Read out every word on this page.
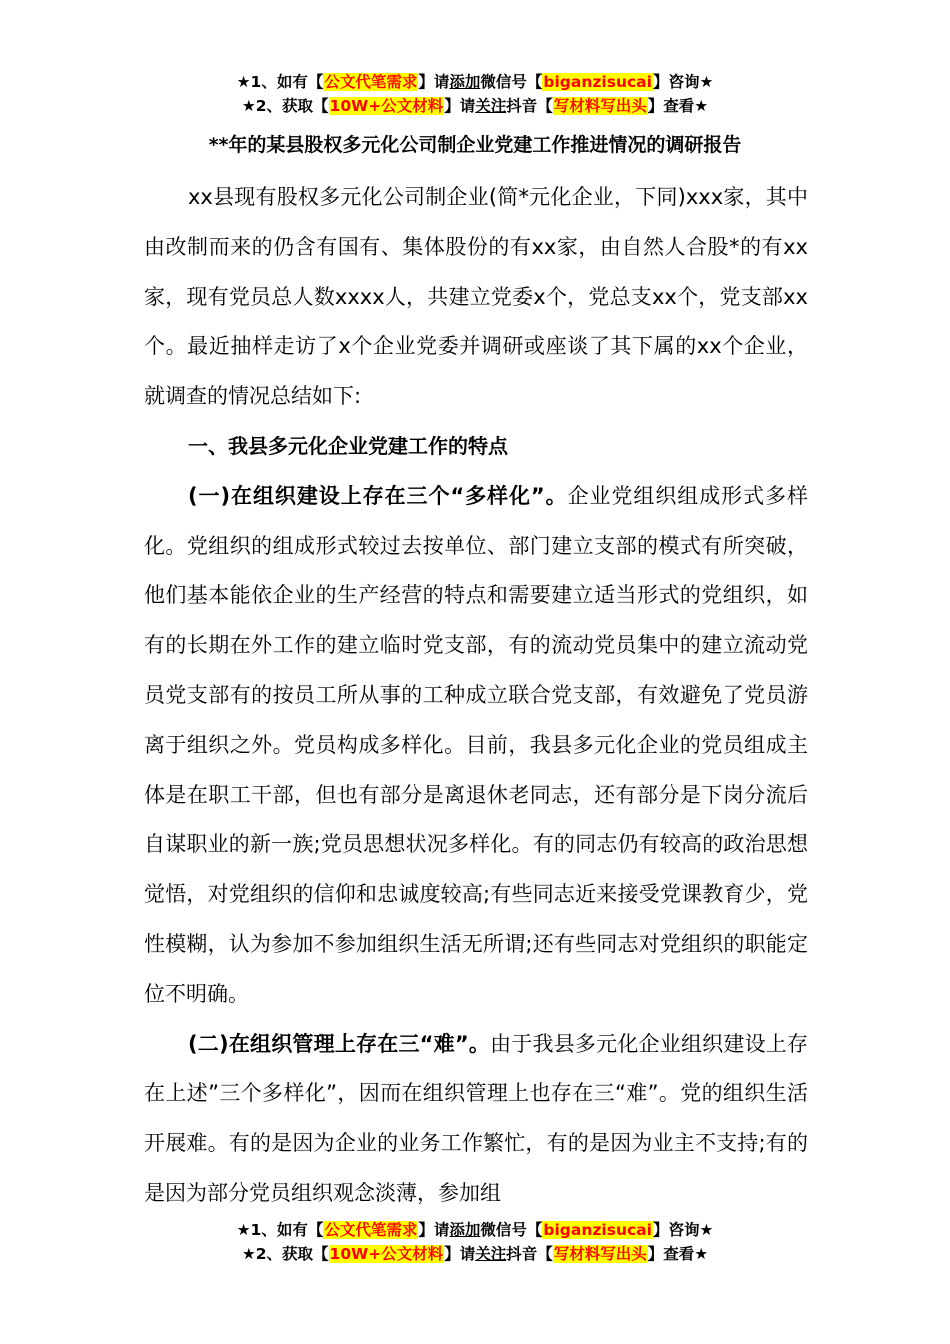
★1、如有【公文代笔需求】请添加微信号【biganzisucai】咨询★
★2、获取【10W+公文材料】请关注抖音【写材料写出头】查看★
**年的某县股权多元化公司制企业党建工作推进情况的调研报告

xx县现有股权多元化公司制企业(简*元化企业，下同)xxx家，其中由改制而来的仍含有国有、集体股份的有xx家，由自然人合股*的有xx家，现有党员总人数xxxx人，共建立党委x个，党总支xx个，党支部xx个。最近抽样走访了x个企业党委并调研或座谈了其下属的xx个企业，就调查的情况总结如下:

一、我县多元化企业党建工作的特点

(一)在组织建设上存在三个“多样化”。企业党组织组成形式多样化。党组织的组成形式较过去按单位、部门建立支部的模式有所突破，他们基本能依企业的生产经营的特点和需要建立适当形式的党组织，如有的长期在外工作的建立临时党支部，有的流动党员集中的建立流动党员党支部有的按员工所从事的工种成立联合党支部，有效避免了党员游离于组织之外。党员构成多样化。目前，我县多元化企业的党员组成主体是在职工干部，但也有部分是离退休老同志，还有部分是下岗分流后自谋职业的新一族;党员思想状况多样化。有的同志仍有较高的政治思想觉悟，对党组织的信仰和忠诚度较高;有些同志近来接受党课教育少，党性模糊，认为参加不参加组织生活无所谓;还有些同志对党组织的职能定位不明确。

(二)在组织管理上存在三“难”。由于我县多元化企业组织建设上存在上述”三个多样化”，因而在组织管理上也存在三“难”。党的组织生活开展难。有的是因为企业的业务工作繁忙，有的是因为业主不支持;有的是因为部分党员组织观念淡薄，参加组

★1、如有【公文代笔需求】请添加微信号【biganzisucai】咨询★
★2、获取【10W+公文材料】请关注抖音【写材料写出头】查看★
